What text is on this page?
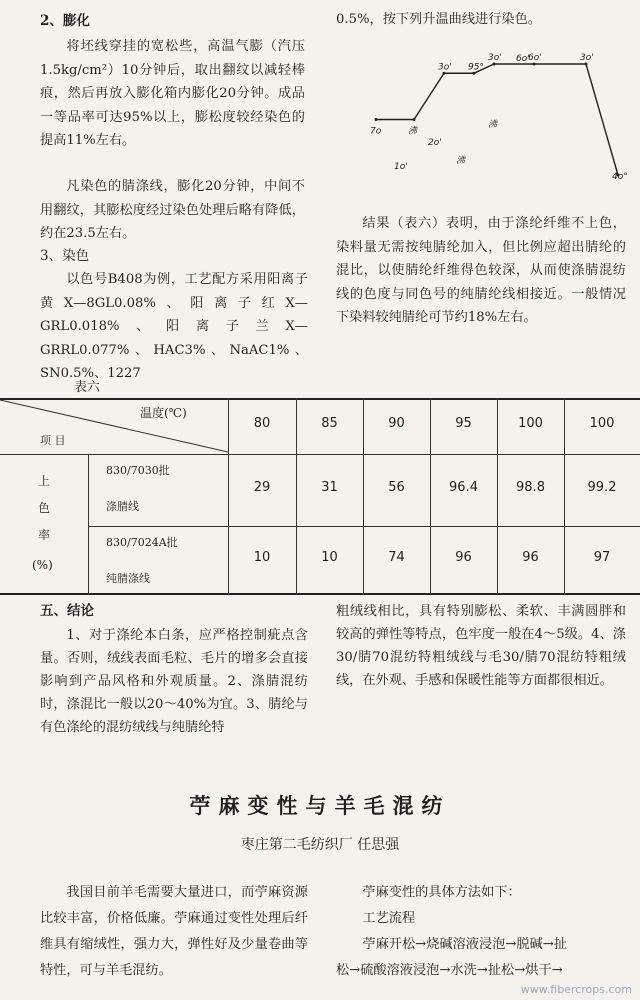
2、膨化
将坯线穿挂的宽松些，高温气膨（汽压1.5kg/cm²）10分钟后，取出翻纹以减轻棒痕，然后再放入膨化箱内膨化20分钟。成品一等品率可达95%以上，膨松度较经染色的提高11%左右。
凡染色的腈涤线，膨化20分钟，中间不用翻纹，其膨松度经过染色处理后略有降低，约在23.5左右。
3、染色
以色号B408为例，工艺配方采用阳离子黄X—8GL0.08%、阳离子红X—GRL0.018%、阳离子兰X—GRRL0.077%、HAC3%、NaAC1%、SN0.5%、1227
0.5%，按下列升温曲线进行染色。
7o	沸
3o' 95°
3o'	6o'	3o'
4o°
1o'
2o'
沸
沸
6o'
结果（表六）表明，由于涤纶纤维不上色，染料量无需按纯腈纶加入，但比例应超出腈纶的混比，以使腈纶纤维得色较深，从而使涤腈混纺线的色度与同色号的纯腈纶线相接近。一般情况下染料较纯腈纶可节约18%左右。
表六
温度(℃)
项 目
80	85	90	95	100	100
上
色
率
(%)
830/7030批
涤腈线
29	31	56	96.4	98.8	99.2
830/7024A批
纯腈涤线
10	10	74	96	96	97
五、结论
1、对于涤纶本白条，应严格控制疵点含量。否则，绒线表面毛粒、毛片的增多会直接影响到产品风格和外观质量。2、涤腈混纺时，涤混比一般以20～40%为宜。3、腈纶与有色涤纶的混纺绒线与纯腈纶特
粗绒线相比，具有特别膨松、柔软、丰满圆胖和较高的弹性等特点，色牢度一般在4～5级。4、涤30/腈70混纺特粗绒线与毛30/腈70混纺特粗绒线，在外观、手感和保暖性能等方面都很相近。
苧麻变性与羊毛混纺
枣庄第二毛纺织厂 任思强
我国目前羊毛需要大量进口，而苧麻资源比较丰富，价格低廉。苧麻通过变性处理后纤维具有缩绒性，强力大，弹性好及少量卷曲等特性，可与羊毛混纺。
苧麻变性的具体方法如下：
工艺流程
苧麻开松→烧碱溶液浸泡→脱碱→扯
松→硫酸溶液浸泡→水洗→扯松→烘干→
www.fibercrops.com
